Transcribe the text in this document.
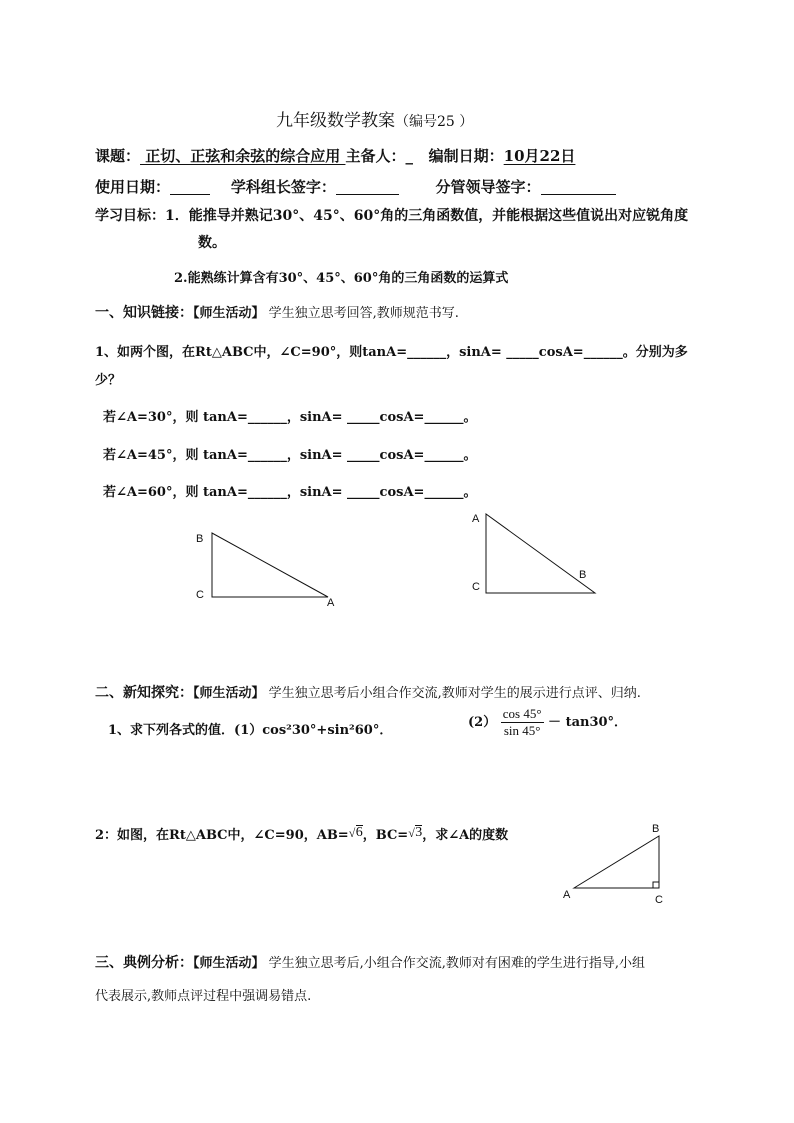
九年级数学教案（编号25 ）
课题： 正切、正弦和余弦的综合应用 主备人：_ 编制日期：10月22日
使用日期：	学科组长签字：	分管领导签字：
学习目标：1．能推导并熟记30°、45°、60°角的三角函数值，并能根据这些值说出对应锐角度
数。
2.能熟练计算含有30°、45°、60°角的三角函数的运算式
一、知识链接：【师生活动】 学生独立思考回答,教师规范书写.
1、如两个图，在Rt△ABC中，∠C=90°，则tanA=______，sinA= _____cosA=______。分别为多
少？
若∠A=30°，则 tanA=______，sinA= _____cosA=______。
若∠A=45°，则 tanA=______，sinA= _____cosA=______。
若∠A=60°，则 tanA=______，sinA= _____cosA=______。
B
C
A
A
C
B
二、新知探究：【师生活动】 学生独立思考后小组合作交流,教师对学生的展示进行点评、归纳.
1、求下列各式的值．(1）cos²30°+sin²60°．
$(2) \frac{\cos 45^\circ}{\sin 45^\circ} - \tan 30^\circ$．
2：如图，在Rt△ABC中，∠C=90，AB= √ 6，BC= √ 3，求∠A的度数	B
A	C
三、典例分析：【师生活动】 学生独立思考后,小组合作交流,教师对有困难的学生进行指导,小组
代表展示,教师点评过程中强调易错点.
